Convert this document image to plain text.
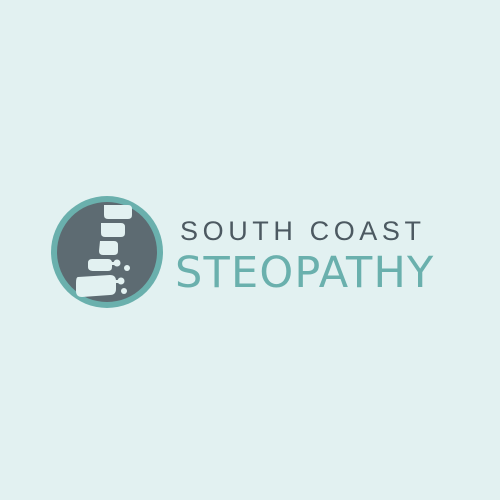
SOUTH COAST
STEOPATHY
